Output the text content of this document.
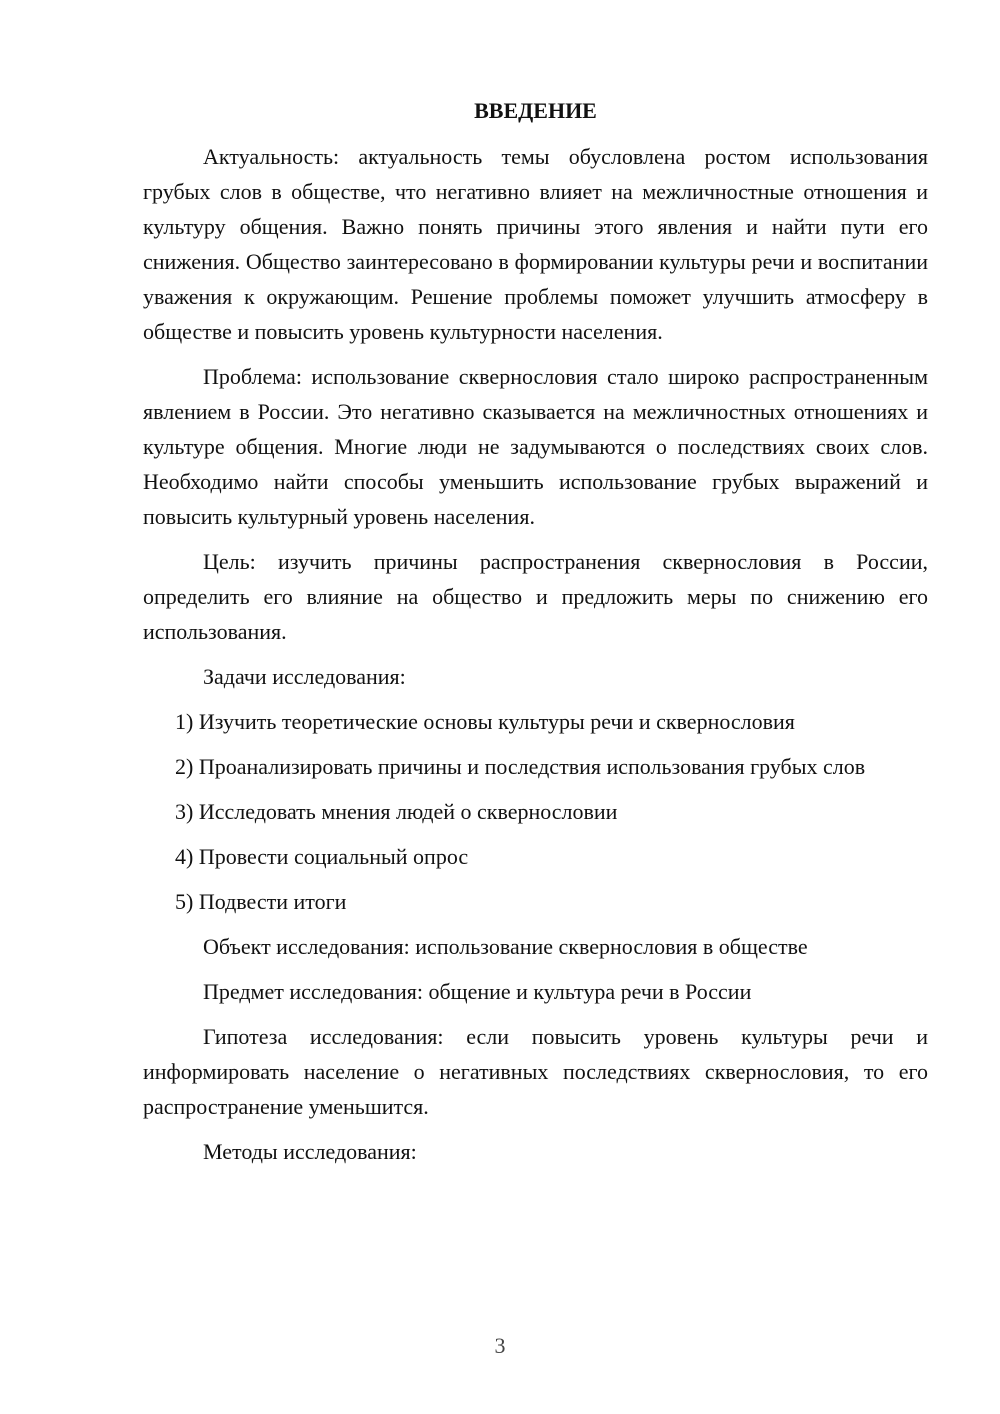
ВВЕДЕНИЕ

Актуальность: актуальность темы обусловлена ростом использования грубых слов в обществе, что негативно влияет на межличностные отношения и культуру общения. Важно понять причины этого явления и найти пути его снижения. Общество заинтересовано в формировании культуры речи и воспитании уважения к окружающим. Решение проблемы поможет улучшить атмосферу в обществе и повысить уровень культурности населения.

Проблема: использование сквернословия стало широко распространенным явлением в России. Это негативно сказывается на межличностных отношениях и культуре общения. Многие люди не задумываются о последствиях своих слов. Необходимо найти способы уменьшить использование грубых выражений и повысить культурный уровень населения.

Цель: изучить причины распространения сквернословия в России, определить его влияние на общество и предложить меры по снижению его использования.

Задачи исследования:

1) Изучить теоретические основы культуры речи и сквернословия

2) Проанализировать причины и последствия использования грубых слов

3) Исследовать мнения людей о сквернословии

4) Провести социальный опрос

5) Подвести итоги

Объект исследования: использование сквернословия в обществе

Предмет исследования: общение и культура речи в России

Гипотеза исследования: если повысить уровень культуры речи и информировать население о негативных последствиях сквернословия, то его распространение уменьшится.

Методы исследования:

3
